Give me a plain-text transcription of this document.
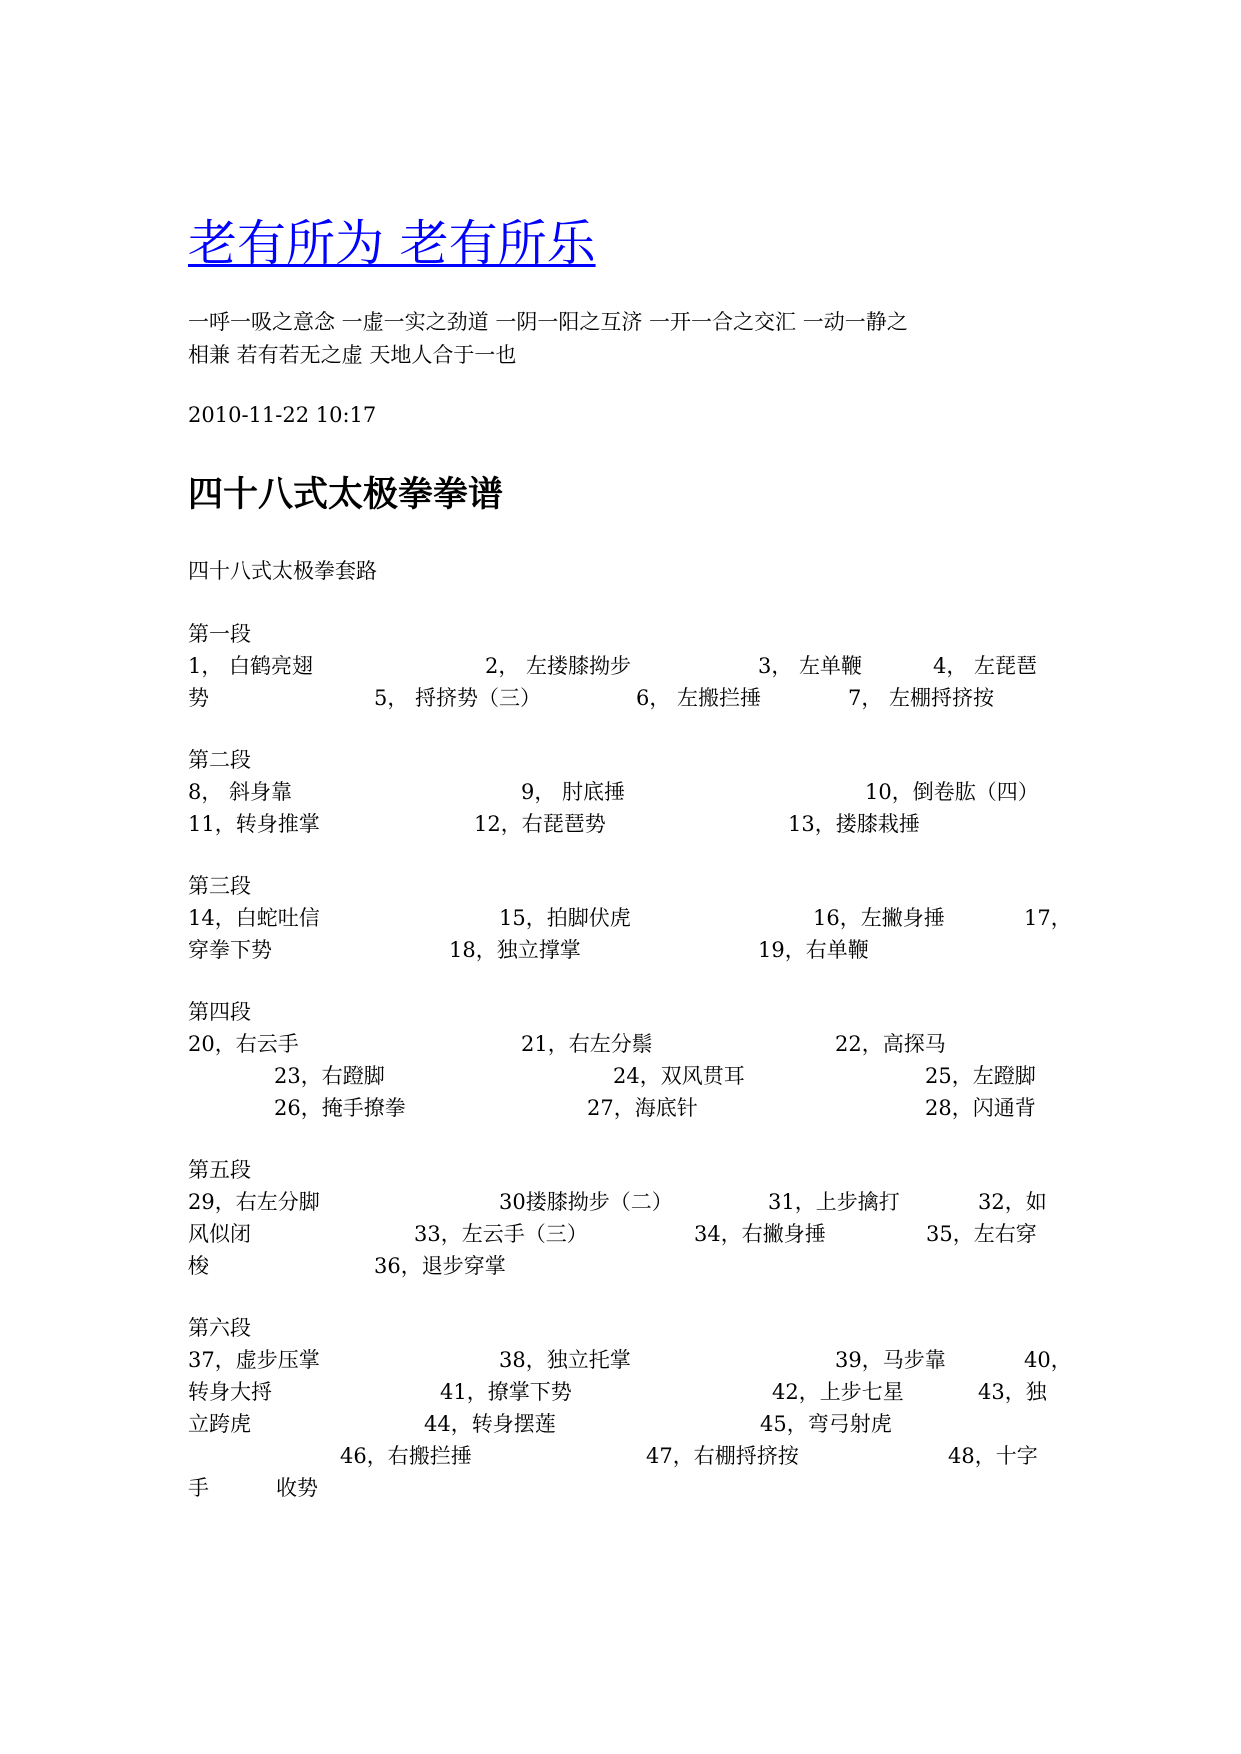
老有所为 老有所乐
一呼一吸之意念 一虚一实之劲道 一阴一阳之互济 一开一合之交汇 一动一静之
相兼 若有若无之虚 天地人合于一也
2010-11-22 10:17
四十八式太极拳拳谱
四十八式太极拳套路
第一段
1， 白鹤亮翅	2， 左搂膝拗步	3， 左单鞭	4， 左琵琶
势	5， 捋挤势（三）	6， 左搬拦捶	7， 左棚捋挤按
第二段
8， 斜身靠	9， 肘底捶	10，倒卷肱（四）
11，转身推掌	12，右琵琶势	13，搂膝栽捶
第三段
14，白蛇吐信	15，拍脚伏虎	16，左撇身捶	17，
穿拳下势	18，独立撑掌	19，右单鞭
第四段
20，右云手	21，右左分鬃	22，高探马
23，右蹬脚	24，双风贯耳	25，左蹬脚
26，掩手撩拳	27，海底针	28，闪通背
第五段
29，右左分脚	30搂膝拗步（二）	31，上步擒打	32，如
风似闭	33，左云手（三）	34，右撇身捶	35，左右穿
梭	36，退步穿掌
第六段
37，虚步压掌	38，独立托掌	39，马步靠	40，
转身大捋	41，撩掌下势	42，上步七星	43，独
立跨虎	44，转身摆莲	45，弯弓射虎
46，右搬拦捶	47，右棚捋挤按	48，十字
手	收势
